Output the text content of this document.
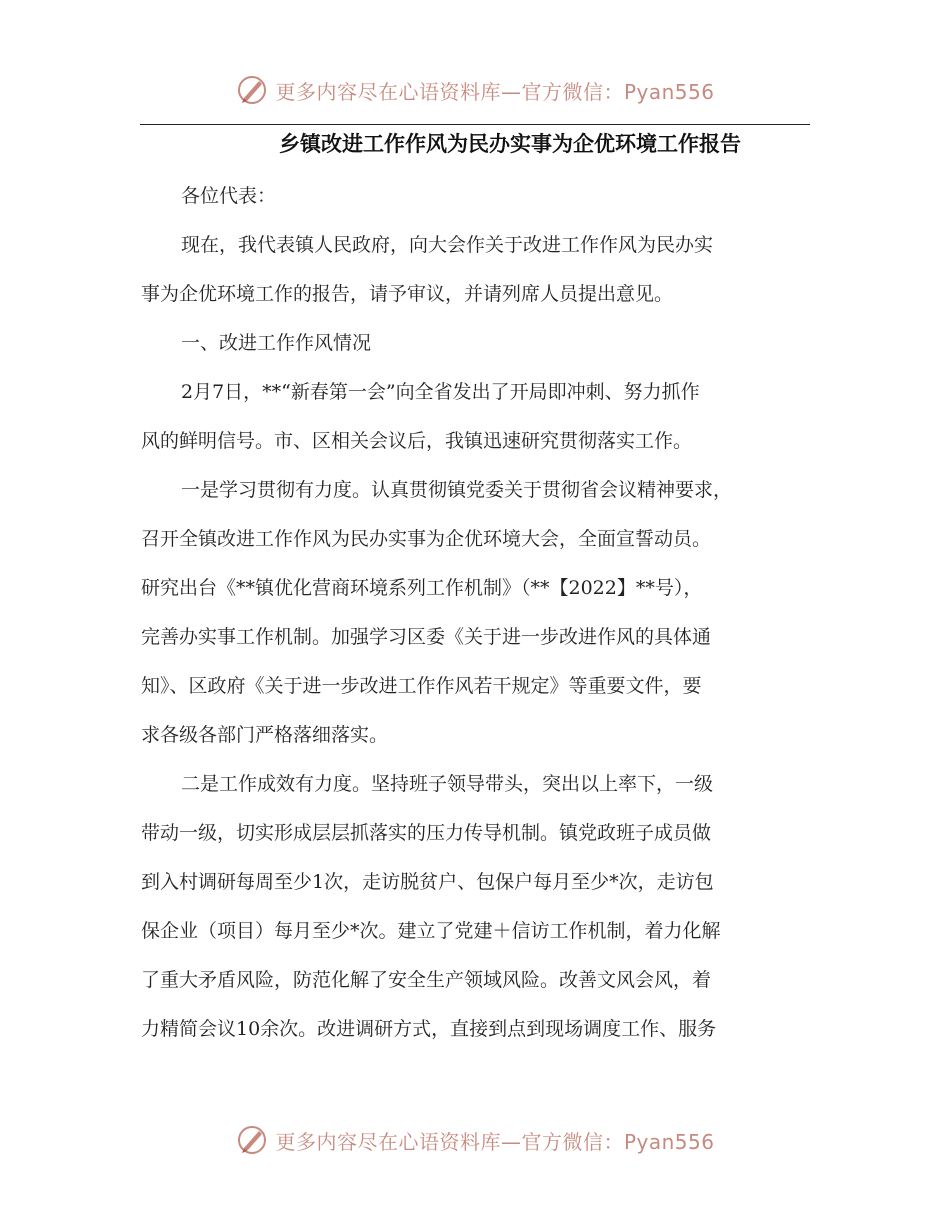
更多内容尽在心语资料库—官方微信：Pyan556
乡镇改进工作作风为民办实事为企优环境工作报告
各位代表：
现在，我代表镇人民政府，向大会作关于改进工作作风为民办实
事为企优环境工作的报告，请予审议，并请列席人员提出意见。
一、改进工作作风情况
2月7日，**“新春第一会”向全省发出了开局即冲刺、努力抓作
风的鲜明信号。市、区相关会议后，我镇迅速研究贯彻落实工作。
一是学习贯彻有力度。认真贯彻镇党委关于贯彻省会议精神要求，
召开全镇改进工作作风为民办实事为企优环境大会，全面宣誓动员。
研究出台《**镇优化营商环境系列工作机制》（**【2022】**号），
完善办实事工作机制。加强学习区委《关于进一步改进作风的具体通
知》、区政府《关于进一步改进工作作风若干规定》等重要文件，要
求各级各部门严格落细落实。
二是工作成效有力度。坚持班子领导带头，突出以上率下，一级
带动一级，切实形成层层抓落实的压力传导机制。镇党政班子成员做
到入村调研每周至少1次，走访脱贫户、包保户每月至少*次，走访包
保企业（项目）每月至少*次。建立了党建＋信访工作机制，着力化解
了重大矛盾风险，防范化解了安全生产领域风险。改善文风会风，着
力精简会议10余次。改进调研方式，直接到点到现场调度工作、服务
更多内容尽在心语资料库—官方微信：Pyan556
